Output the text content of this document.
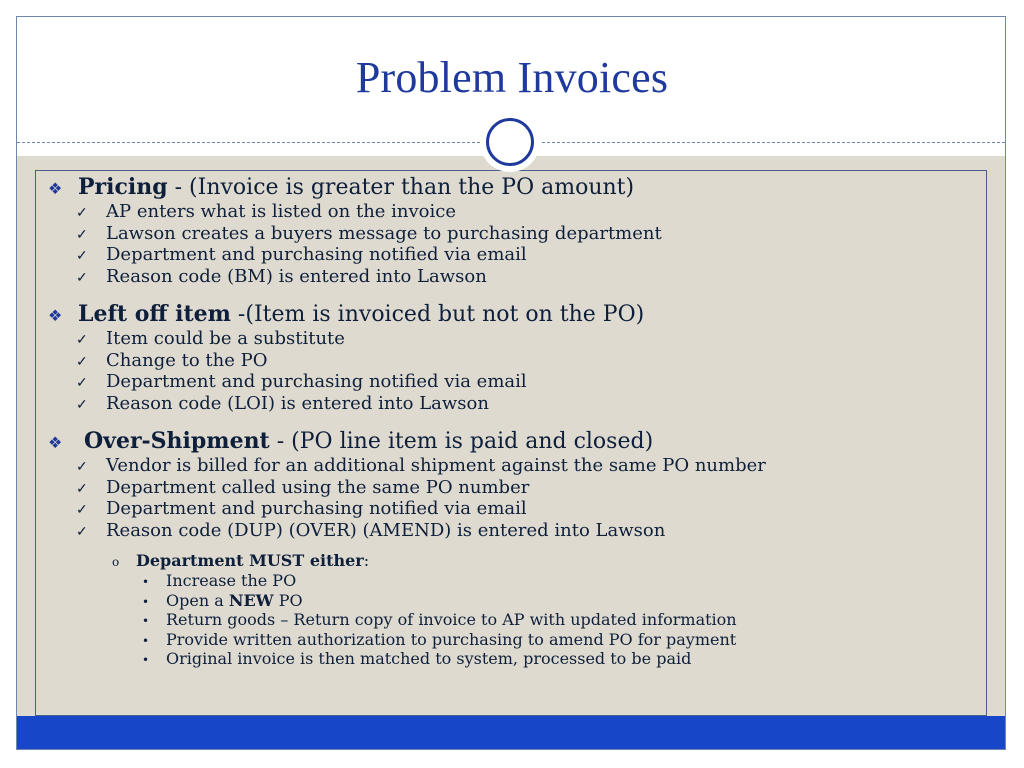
Problem Invoices
❖ Pricing - (Invoice is greater than the PO amount)
✓ AP enters what is listed on the invoice
✓ Lawson creates a buyers message to purchasing department
✓ Department and purchasing notified via email
✓ Reason code (BM) is entered into Lawson
❖ Left off item -(Item is invoiced but not on the PO)
✓ Item could be a substitute
✓ Change to the PO
✓ Department and purchasing notified via email
✓ Reason code (LOI) is entered into Lawson
❖ Over-Shipment - (PO line item is paid and closed)
✓ Vendor is billed for an additional shipment against the same PO number
✓ Department called using the same PO number
✓ Department and purchasing notified via email
✓ Reason code (DUP) (OVER) (AMEND) is entered into Lawson
o Department MUST either:
• Increase the PO
• Open a NEW PO
• Return goods – Return copy of invoice to AP with updated information
• Provide written authorization to purchasing to amend PO for payment
• Original invoice is then matched to system, processed to be paid
